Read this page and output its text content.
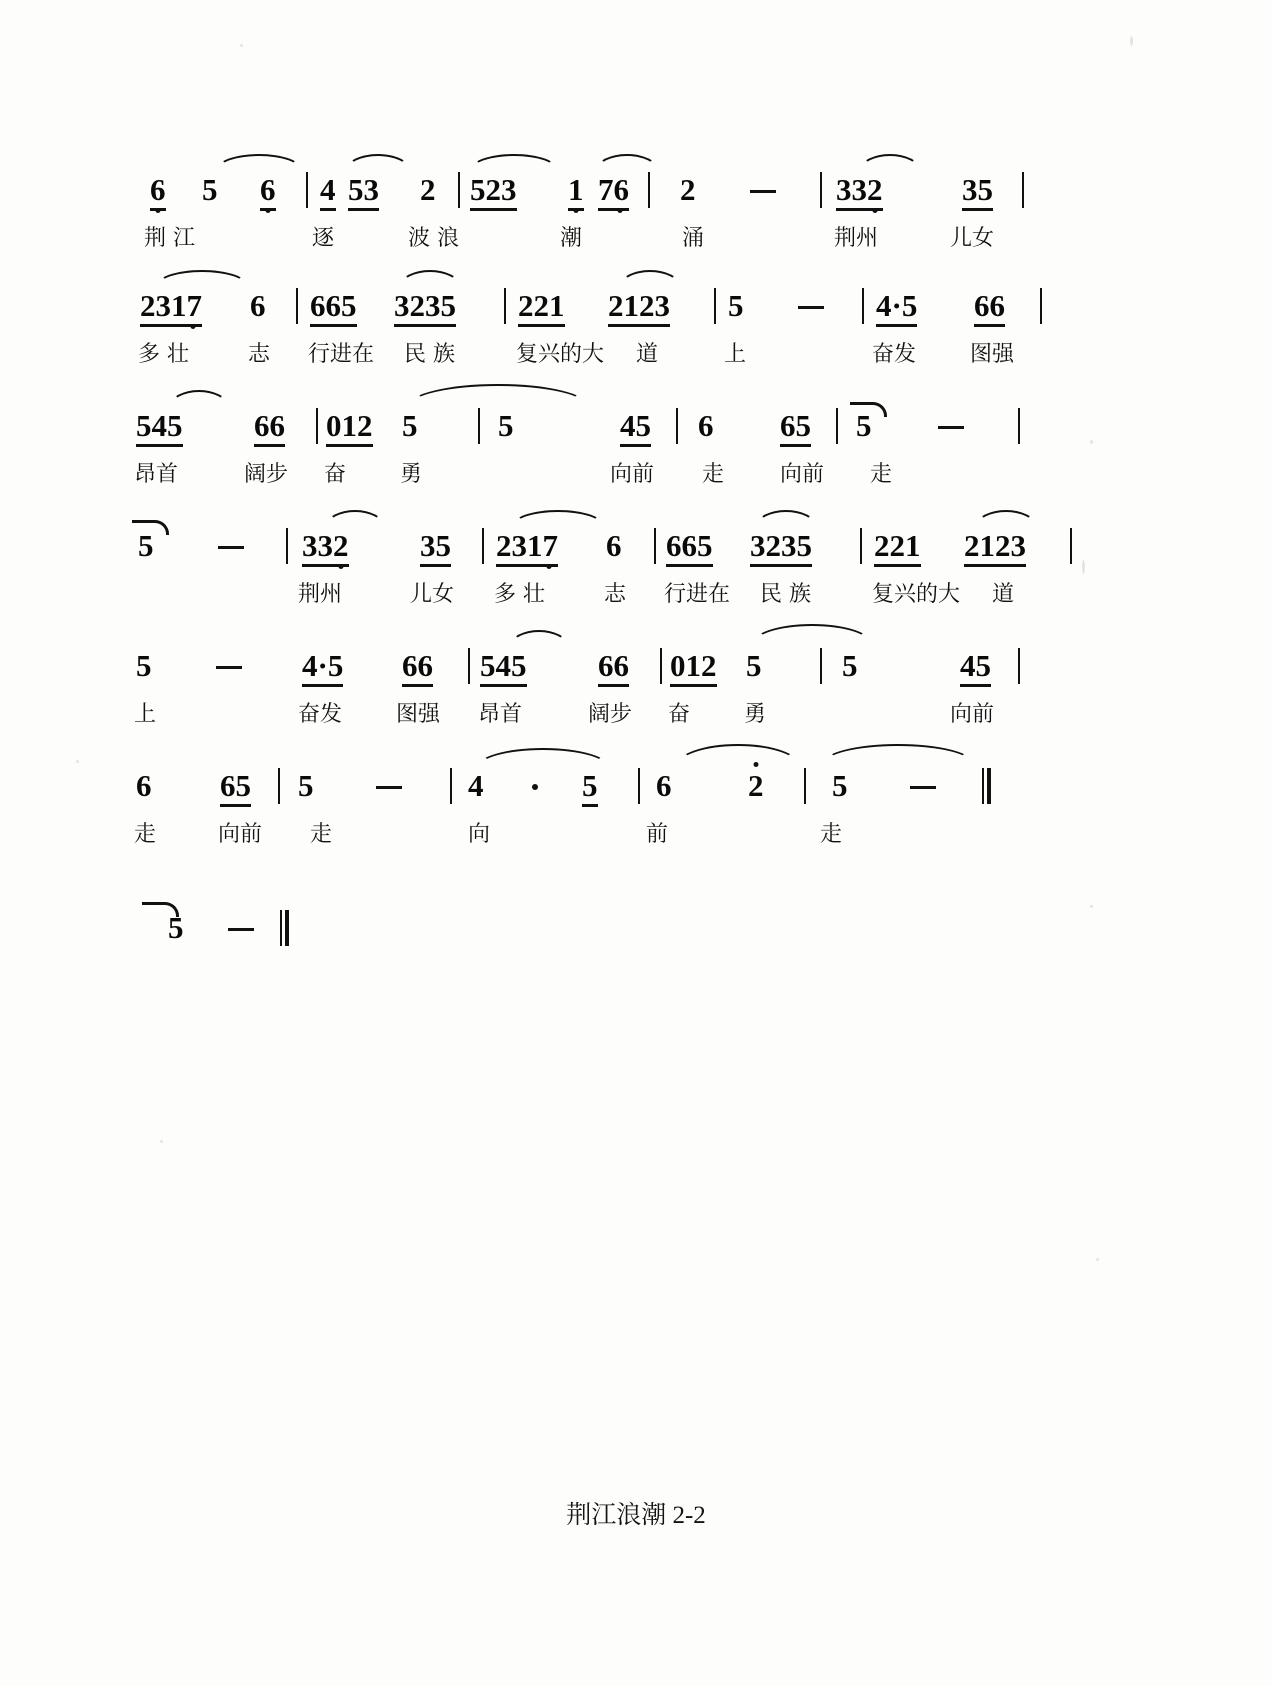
6 5 6 4 53 2 523 1 76 2	332	35
荆 江	逐	波 浪	潮	涌	荆州	儿女
2317 6 665 3235 221 2123 5	4·5 66
多 壮	志 行进在 民 族	复兴的大 道	上	奋发 图强
545 66 012 5	5	45 6 65 5
昂首	阔步 奋 勇	向前 走	向前 走
5	332 35 2317 6 665 3235 221 2123
荆州	儿女 多 壮	志 行进在 民 族	复兴的大 道
5	4·5 66 545 66 012 5	5	45
上	奋发 图强 昂首	阔步 奋 勇	向前
6 65 5	4	5 6 2 5
走	向前 走	向	前	走
5
荆江浪潮 2-2
